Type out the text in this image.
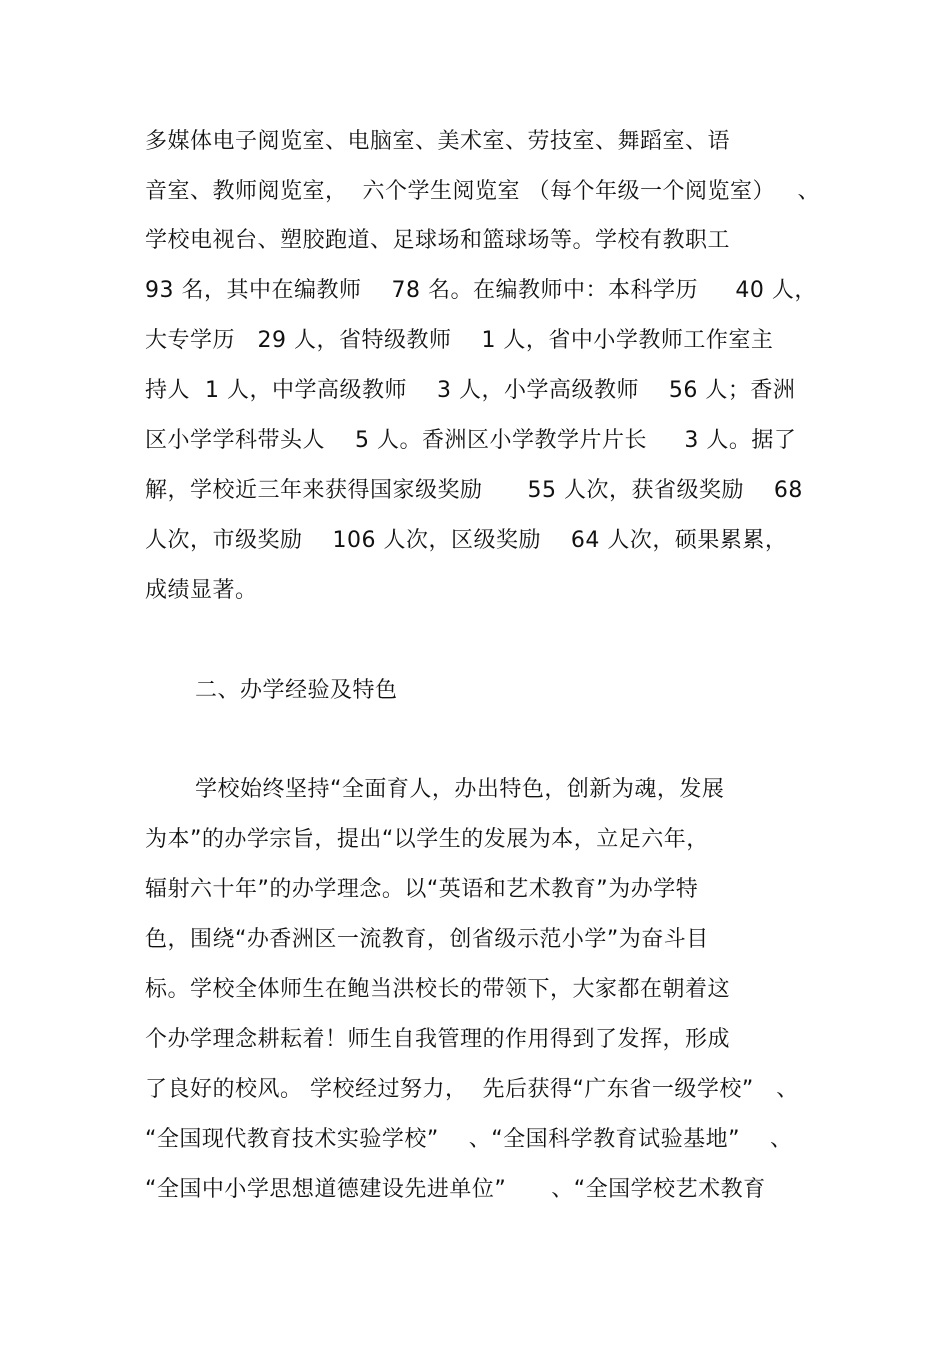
多媒体电子阅览室、电脑室、美术室、劳技室、舞蹈室、语
音室、教师阅览室，  六个学生阅览室 （每个年级一个阅览室）   、
学校电视台、塑胶跑道、足球场和篮球场等。学校有教职工
93 名，其中在编教师    78 名。在编教师中：本科学历     40 人，
大专学历   29 人，省特级教师    1 人，省中小学教师工作室主
持人  1 人，中学高级教师    3 人，小学高级教师    56 人；香洲
区小学学科带头人    5 人。香洲区小学教学片片长     3 人。据了
解，学校近三年来获得国家级奖励      55 人次，获省级奖励    68
人次，市级奖励    106 人次，区级奖励    64 人次，硕果累累，
成绩显著。
二、办学经验及特色
学校始终坚持“全面育人，办出特色，创新为魂，发展
为本”的办学宗旨，提出“以学生的发展为本，立足六年，
辐射六十年”的办学理念。以“英语和艺术教育”为办学特
色，围绕“办香洲区一流教育，创省级示范小学”为奋斗目
标。学校全体师生在鲍当洪校长的带领下，大家都在朝着这
个办学理念耕耘着！师生自我管理的作用得到了发挥，形成
了良好的校风。 学校经过努力，  先后获得“广东省一级学校”   、
“全国现代教育技术实验学校”    、“全国科学教育试验基地”    、
“全国中小学思想道德建设先进单位”      、“全国学校艺术教育
